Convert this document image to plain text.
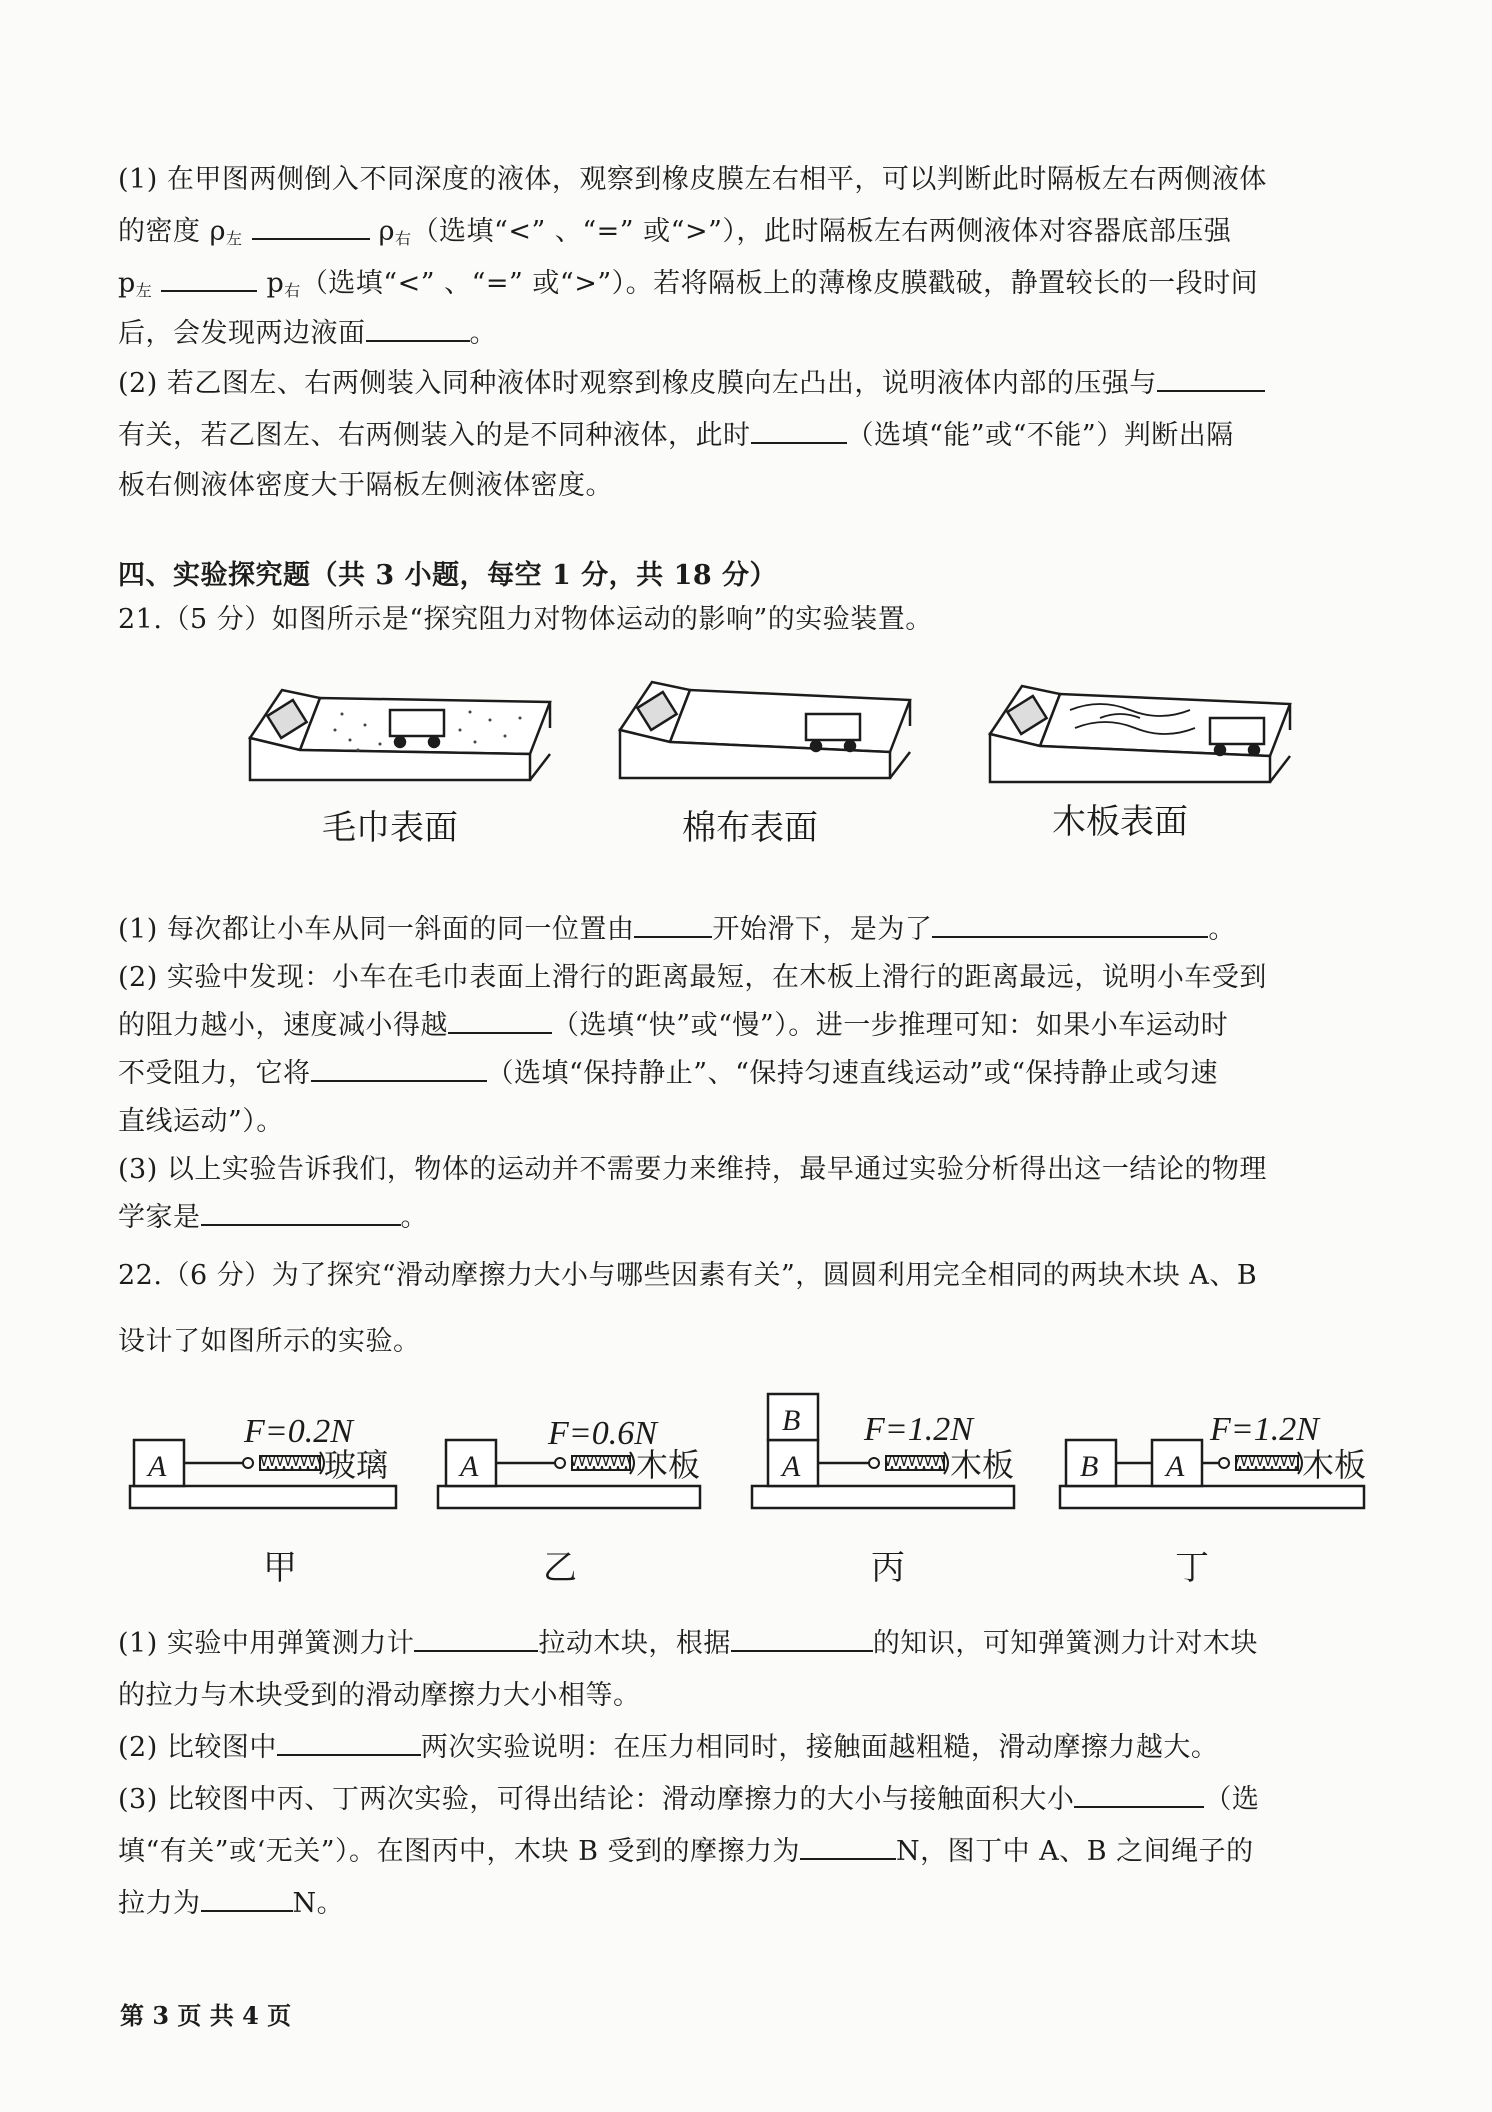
(1) 在甲图两侧倒入不同深度的液体，观察到橡皮膜左右相平，可以判断此时隔板左右两侧液体
的密度 $\rho_左$	$\rho_右$（选填“<” 、“=” 或“>”），此时隔板左右两侧液体对容器底部压强
$p_左$	$p_右$（选填“<” 、“=” 或“>”）。若将隔板上的薄橡皮膜戳破，静置较长的一段时间
后，会发现两边液面	。
(2) 若乙图左、右两侧装入同种液体时观察到橡皮膜向左凸出，说明液体内部的压强与
有关，若乙图左、右两侧装入的是不同种液体，此时	（选填“能”或“不能”）判断出隔
板右侧液体密度大于隔板左侧液体密度。
四、实验探究题（共 3 小题，每空 1 分，共 18 分）
21.（5 分）如图所示是“探究阻力对物体运动的影响”的实验装置。
毛巾表面	棉布表面	木板表面
(1) 每次都让小车从同一斜面的同一位置由	开始滑下，是为了	。
(2) 实验中发现：小车在毛巾表面上滑行的距离最短，在木板上滑行的距离最远，说明小车受到
的阻力越小，速度减小得越	（选填“快”或“慢”）。进一步推理可知：如果小车运动时
不受阻力，它将	（选填“保持静止”、“保持匀速直线运动”或“保持静止或匀速
直线运动”）。
(3) 以上实验告诉我们，物体的运动并不需要力来维持，最早通过实验分析得出这一结论的物理
学家是	。
22.（6 分）为了探究“滑动摩擦力大小与哪些因素有关”，圆圆利用完全相同的两块木块 A、B
设计了如图所示的实验。
A
F=0.2N
玻璃 A
F=0.6N
木板	A
B F=1.2N
木板 B A
F=1.2N
木板
甲	乙	丙	丁
(1) 实验中用弹簧测力计	拉动木块，根据	的知识，可知弹簧测力计对木块
的拉力与木块受到的滑动摩擦力大小相等。
(2) 比较图中	两次实验说明：在压力相同时，接触面越粗糙，滑动摩擦力越大。
(3) 比较图中丙、丁两次实验，可得出结论：滑动摩擦力的大小与接触面积大小	（选
填“有关”或‘无关”）。在图丙中，木块 B 受到的摩擦力为	N，图丁中 A、B 之间绳子的
拉力为	N。
第 3 页 共 4 页
